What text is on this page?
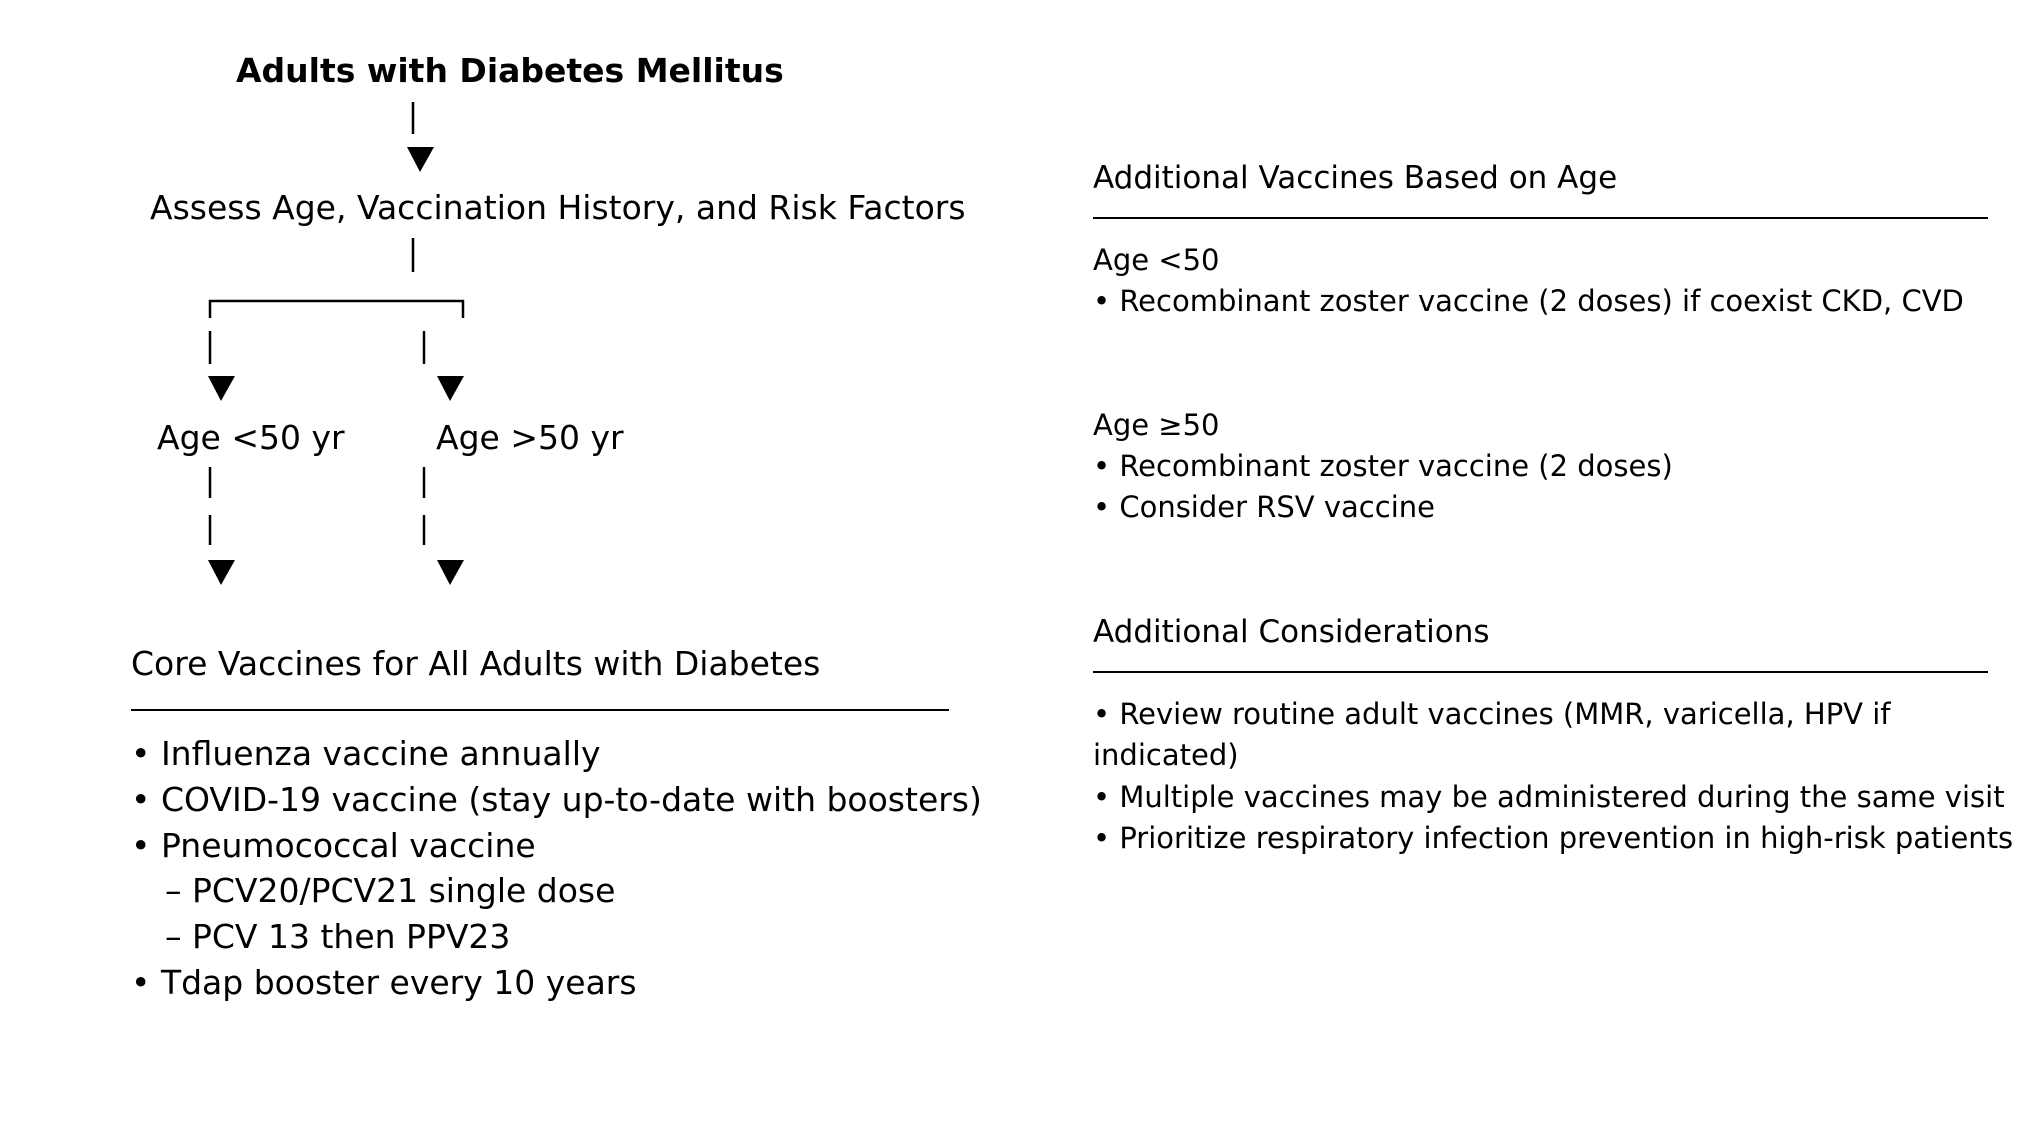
Adults with Diabetes Mellitus
Assess Age, Vaccination History, and Risk Factors
Age <50 yr	Age >50 yr
Core Vaccines for All Adults with Diabetes
• Influenza vaccine annually
• COVID-19 vaccine (stay up-to-date with boosters)
• Pneumococcal vaccine
– PCV20/PCV21 single dose
– PCV 13 then PPV23
• Tdap booster every 10 years
Additional Vaccines Based on Age
Age <50
• Recombinant zoster vaccine (2 doses) if coexist CKD, CVD
Age ≥50
• Recombinant zoster vaccine (2 doses)
• Consider RSV vaccine
Additional Considerations
• Review routine adult vaccines (MMR, varicella, HPV if
indicated)
• Multiple vaccines may be administered during the same visit
• Prioritize respiratory infection prevention in high-risk patients
